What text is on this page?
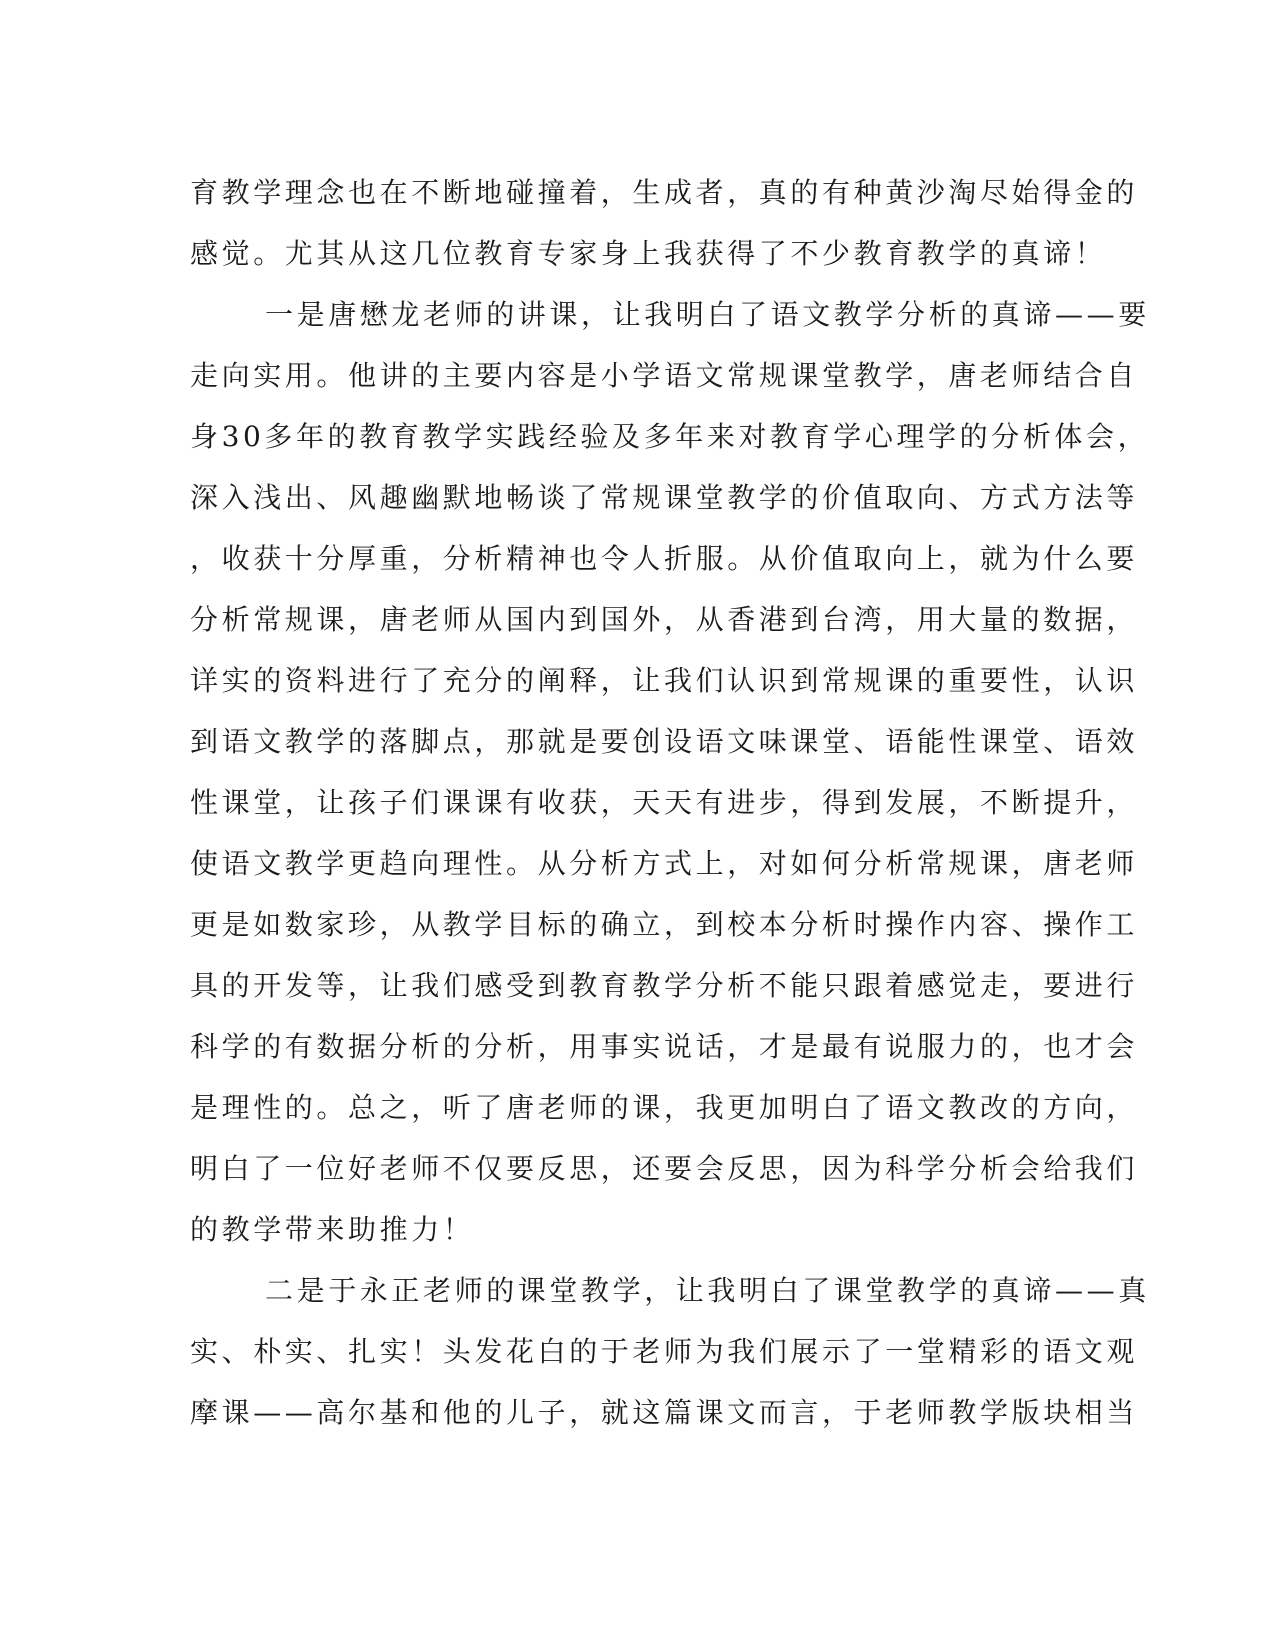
育教学理念也在不断地碰撞着，生成者，真的有种黄沙淘尽始得金的
感觉。尤其从这几位教育专家身上我获得了不少教育教学的真谛！
一是唐懋龙老师的讲课，让我明白了语文教学分析的真谛——要
走向实用。他讲的主要内容是小学语文常规课堂教学，唐老师结合自
身30多年的教育教学实践经验及多年来对教育学心理学的分析体会，
深入浅出、风趣幽默地畅谈了常规课堂教学的价值取向、方式方法等
，收获十分厚重，分析精神也令人折服。从价值取向上，就为什么要
分析常规课，唐老师从国内到国外，从香港到台湾，用大量的数据，
详实的资料进行了充分的阐释，让我们认识到常规课的重要性，认识
到语文教学的落脚点，那就是要创设语文味课堂、语能性课堂、语效
性课堂，让孩子们课课有收获，天天有进步，得到发展，不断提升，
使语文教学更趋向理性。从分析方式上，对如何分析常规课，唐老师
更是如数家珍，从教学目标的确立，到校本分析时操作内容、操作工
具的开发等，让我们感受到教育教学分析不能只跟着感觉走，要进行
科学的有数据分析的分析，用事实说话，才是最有说服力的，也才会
是理性的。总之，听了唐老师的课，我更加明白了语文教改的方向，
明白了一位好老师不仅要反思，还要会反思，因为科学分析会给我们
的教学带来助推力！
二是于永正老师的课堂教学，让我明白了课堂教学的真谛——真
实、朴实、扎实！头发花白的于老师为我们展示了一堂精彩的语文观
摩课——高尔基和他的儿子，就这篇课文而言，于老师教学版块相当
